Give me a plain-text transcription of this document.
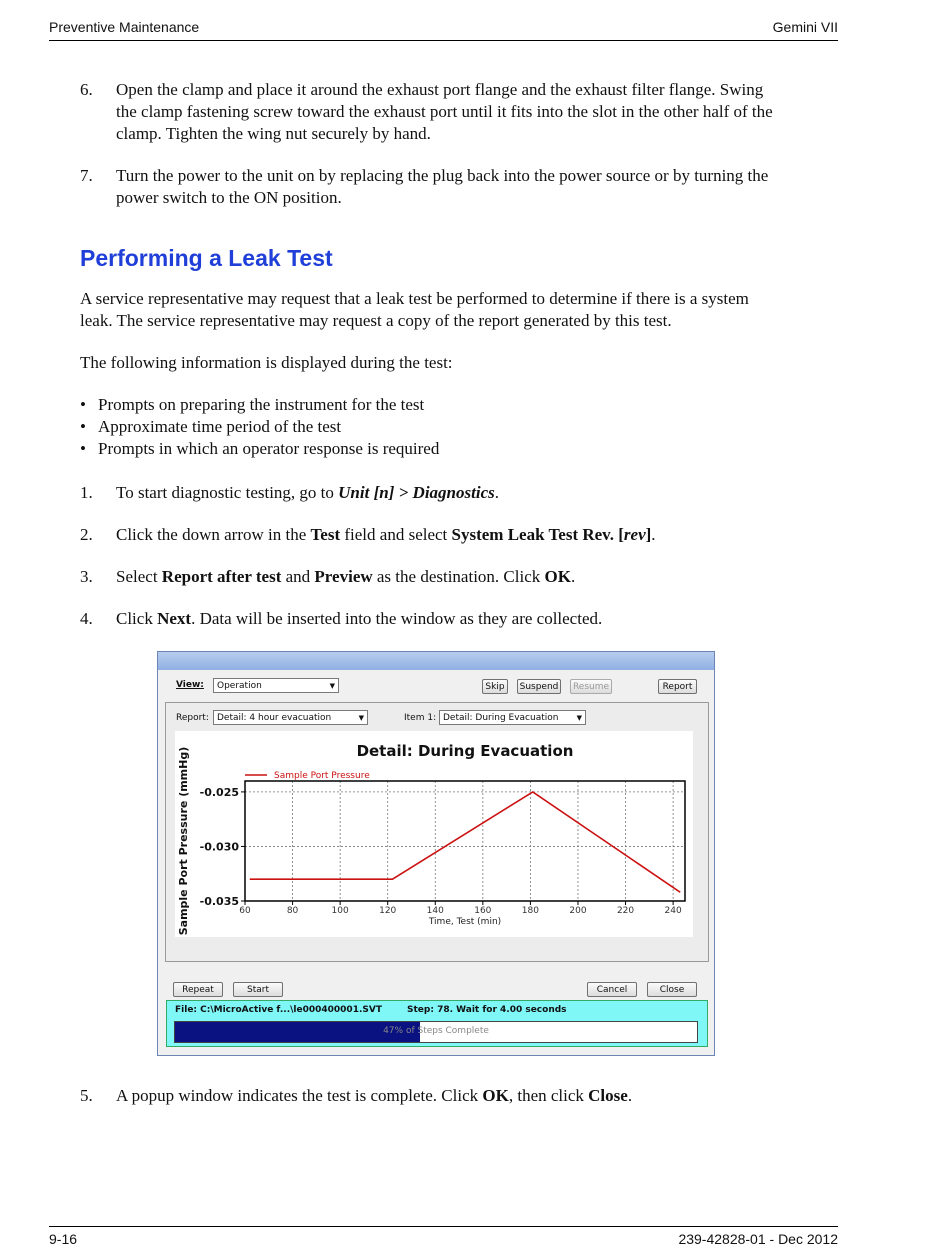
Preventive Maintenance	Gemini VII
6. Open the clamp and place it around the exhaust port flange and the exhaust filter flange. Swing
the clamp fastening screw toward the exhaust port until it fits into the slot in the other half of the
clamp. Tighten the wing nut securely by hand.
7. Turn the power to the unit on by replacing the plug back into the power source or by turning the
power switch to the ON position.
Performing a Leak Test
A service representative may request that a leak test be performed to determine if there is a system
leak. The service representative may request a copy of the report generated by this test.
The following information is displayed during the test:
• Prompts on preparing the instrument for the test
• Approximate time period of the test
• Prompts in which an operator response is required
1. To start diagnostic testing, go to Unit [n] > Diagnostics.
2. Click the down arrow in the Test field and select System Leak Test Rev. [rev].
3. Select Report after test and Preview as the destination. Click OK.
4. Click Next. Data will be inserted into the window as they are collected.
View:	Operation	▼	Skip	Suspend	Resume	Report
Report: Detail: 4 hour evacuation	▼	Item 1: Detail: During Evacuation	▼
Detail: During Evacuation
Sample Port Pressure
60	80	100	120	140	160	180	200	220	240
-0.025
-0.030
-0.035
Time, Test (min)
Sample Port Pressure (mmHg)
Repeat	Start	Cancel	Close
File: C:\MicroActive f...\le000400001.SVT	Step: 78. Wait for 4.00 seconds
47% of Steps Complete
5. A popup window indicates the test is complete. Click OK, then click Close.
9-16	239-42828-01 - Dec 2012
